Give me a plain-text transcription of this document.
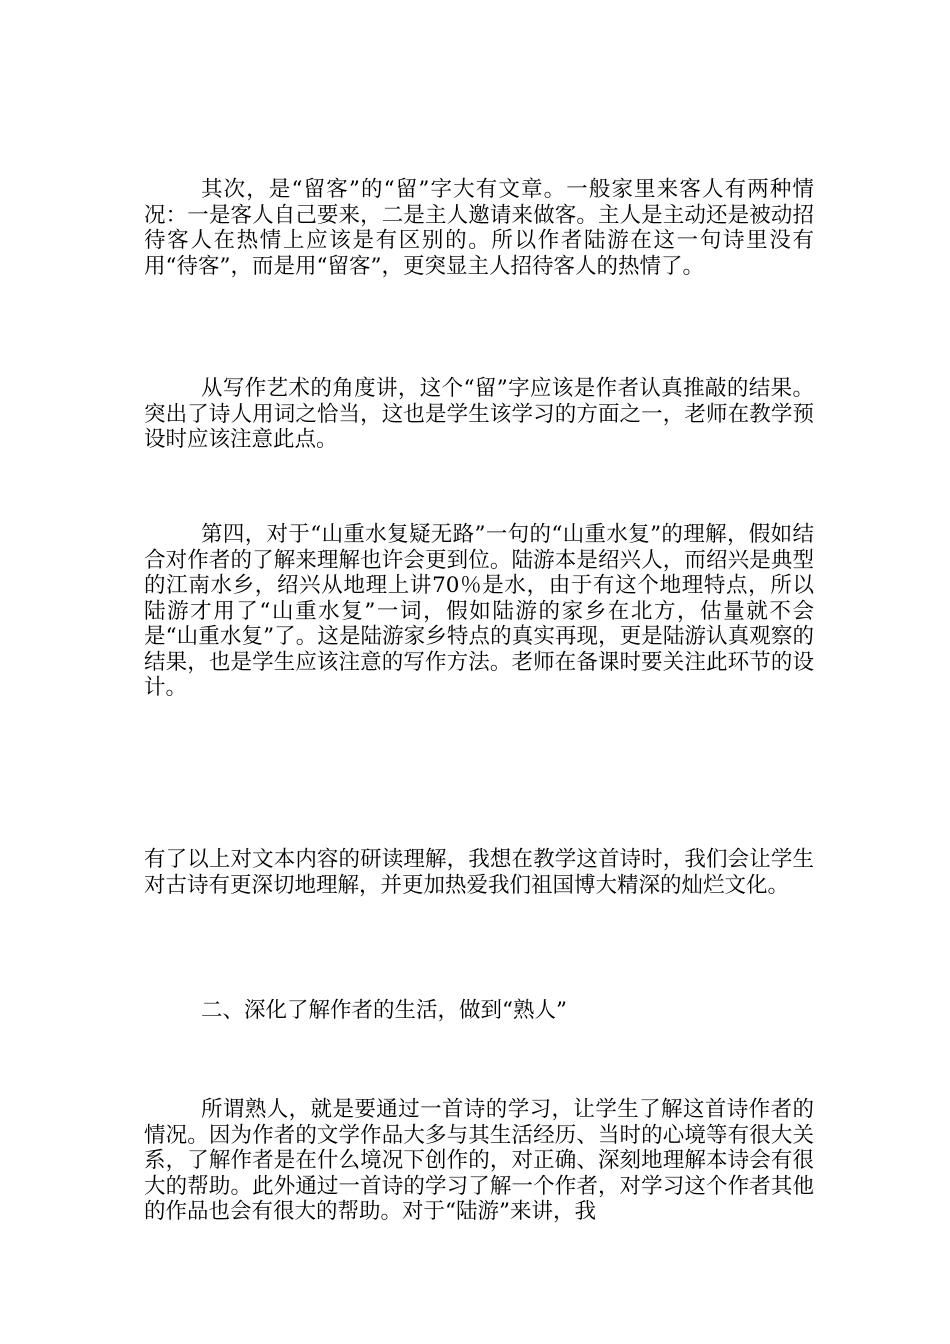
其次，是“留客”的“留”字大有文章。一般家里来客人有两种情况：一是客人自己要来，二是主人邀请来做客。主人是主动还是被动招待客人在热情上应该是有区别的。所以作者陆游在这一句诗里没有用“待客”，而是用“留客”，更突显主人招待客人的热情了。

从写作艺术的角度讲，这个“留”字应该是作者认真推敲的结果。突出了诗人用词之恰当，这也是学生该学习的方面之一，老师在教学预设时应该注意此点。

第四，对于“山重水复疑无路”一句的“山重水复”的理解，假如结合对作者的了解来理解也许会更到位。陆游本是绍兴人，而绍兴是典型的江南水乡，绍兴从地理上讲70％是水，由于有这个地理特点，所以陆游才用了“山重水复”一词，假如陆游的家乡在北方，估量就不会是“山重水复”了。这是陆游家乡特点的真实再现，更是陆游认真观察的结果，也是学生应该注意的写作方法。老师在备课时要关注此环节的设计。

有了以上对文本内容的研读理解，我想在教学这首诗时，我们会让学生对古诗有更深切地理解，并更加热爱我们祖国博大精深的灿烂文化。

二、深化了解作者的生活，做到“熟人”

所谓熟人，就是要通过一首诗的学习，让学生了解这首诗作者的情况。因为作者的文学作品大多与其生活经历、当时的心境等有很大关系，了解作者是在什么境况下创作的，对正确、深刻地理解本诗会有很大的帮助。此外通过一首诗的学习了解一个作者，对学习这个作者其他的作品也会有很大的帮助。对于“陆游”来讲，我
